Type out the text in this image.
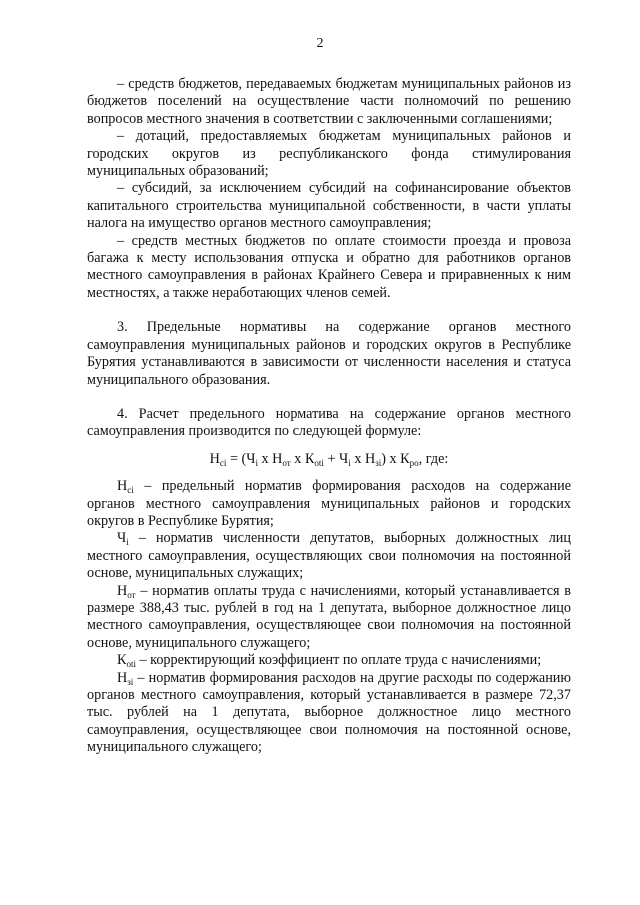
2

– средств бюджетов, передаваемых бюджетам муниципальных районов из бюджетов поселений на осуществление части полномочий по решению вопросов местного значения в соответствии с заключенными соглашениями;

– дотаций, предоставляемых бюджетам муниципальных районов и городских округов из республиканского фонда стимулирования муниципальных образований;

– субсидий, за исключением субсидий на софинансирование объектов капитального строительства муниципальной собственности, в части уплаты налога на имущество органов местного самоуправления;

– средств местных бюджетов по оплате стоимости проезда и провоза багажа к месту использования отпуска и обратно для работников органов местного самоуправления в районах Крайнего Севера и приравненных к ним местностях, а также неработающих членов семей.

3. Предельные нормативы на содержание органов местного самоуправления муниципальных районов и городских округов в Республике Бурятия устанавливаются в зависимости от численности населения и статуса муниципального образования.

4. Расчет предельного норматива на содержание органов местного самоуправления производится по следующей формуле:

$Н_{ci} = (Ч_i$ х $Н_{от}$ х $К_{оti} + Ч_i$ х $Н_{зi}$) х $К_{ро}$, где:

$Н_{ci}$ – предельный норматив формирования расходов на содержание органов местного самоуправления муниципальных районов и городских округов в Республике Бурятия;

$Ч_i$ – норматив численности депутатов, выборных должностных лиц местного самоуправления, осуществляющих свои полномочия на постоянной основе, муниципальных служащих;

$Н_{от}$ – норматив оплаты труда с начислениями, который устанавливается в размере 388,43 тыс. рублей в год на 1 депутата, выборное должностное лицо местного самоуправления, осуществляющее свои полномочия на постоянной основе, муниципального служащего;

$К_{оti}$ – корректирующий коэффициент по оплате труда с начислениями;

$Н_{зi}$ – норматив формирования расходов на другие расходы по содержанию органов местного самоуправления, который устанавливается в размере 72,37 тыс. рублей на 1 депутата, выборное должностное лицо местного самоуправления, осуществляющее свои полномочия на постоянной основе, муниципального служащего;
